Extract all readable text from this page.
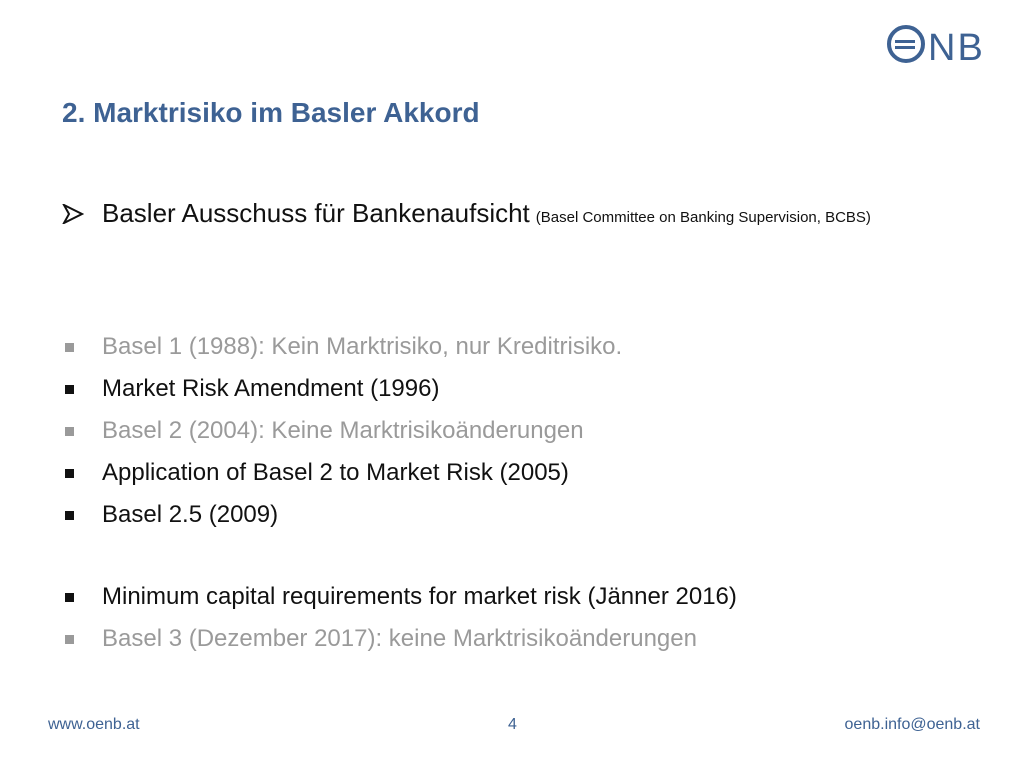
NB
2. Marktrisiko im Basler Akkord
Basler Ausschuss für Bankenaufsicht (Basel Committee on Banking Supervision, BCBS)
Basel 1 (1988): Kein Marktrisiko, nur Kreditrisiko.
Market Risk Amendment (1996)
Basel 2 (2004): Keine Marktrisikoänderungen
Application of Basel 2 to Market Risk (2005)
Basel 2.5 (2009)
Minimum capital requirements for market risk (Jänner 2016)
Basel 3 (Dezember 2017): keine Marktrisikoänderungen
www.oenb.at	4	oenb.info@oenb.at
